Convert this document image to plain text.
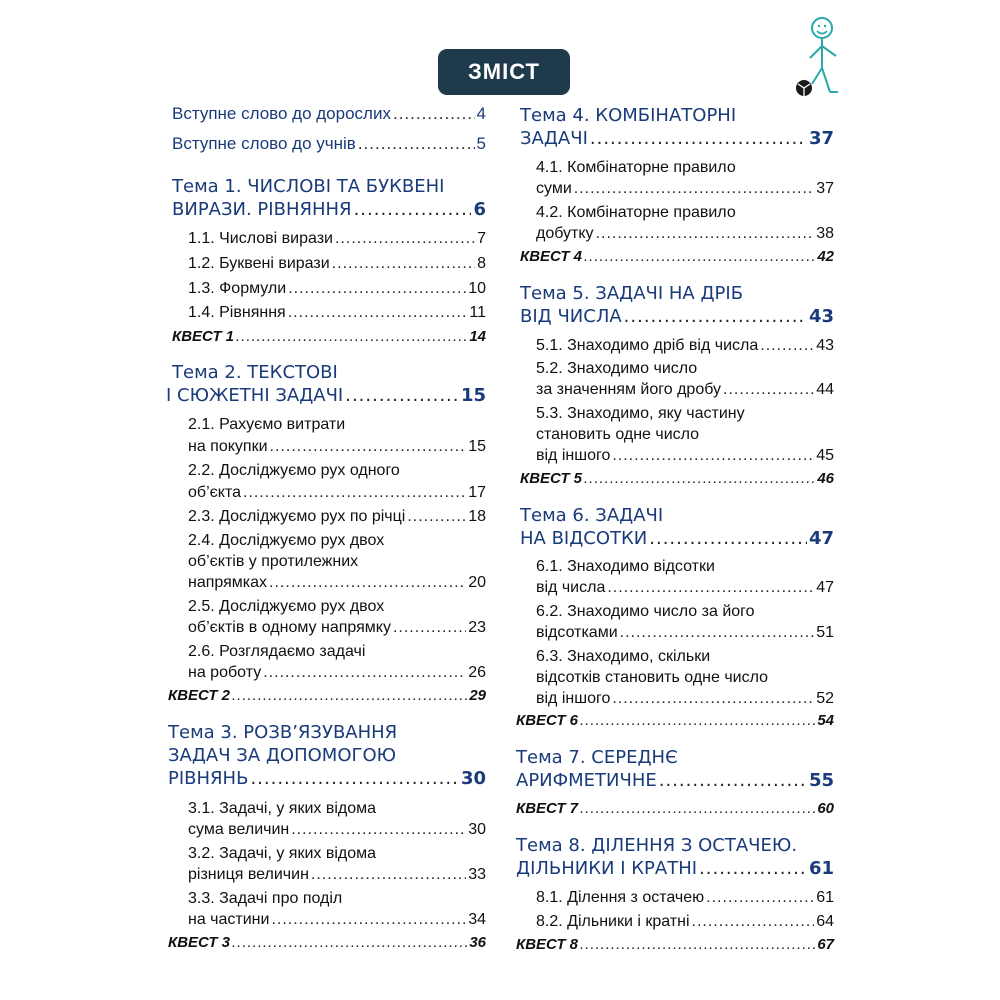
ЗМІСТ
Вступне слово до дорослих .....	4
Вступне слово до учнів .....	5
Тема 1. ЧИСЛОВІ ТА БУКВЕНІ
ВИРАЗИ. РІВНЯННЯ .....	6
1.1. Числові вирази .....	7
1.2. Буквені вирази .....	8
1.3. Формули .....	10
1.4. Рівняння .....	11
КВЕСТ 1 .....	14
Тема 2. ТЕКСТОВІ
І СЮЖЕТНІ ЗАДАЧІ .....	15
2.1. Рахуємо витрати
на покупки .....	15
2.2. Досліджуємо рух одного
об’єкта .....	17
2.3. Досліджуємо рух по річці .....	18
2.4. Досліджуємо рух двох
об’єктів у протилежних
напрямках .....	20
2.5. Досліджуємо рух двох
об’єктів в одному напрямку .....	23
2.6. Розглядаємо задачі
на роботу .....	26
КВЕСТ 2 .....	29
Тема 3. РОЗВ’ЯЗУВАННЯ
ЗАДАЧ ЗА ДОПОМОГОЮ
РІВНЯНЬ .....	30
3.1. Задачі, у яких відома
сума величин .....	30
3.2. Задачі, у яких відома
різниця величин .....	33
3.3. Задачі про поділ
на частини .....	34
КВЕСТ 3 .....	36
Тема 4. КОМБІНАТОРНІ
ЗАДАЧІ .....	37
4.1. Комбінаторне правило
суми .....	37
4.2. Комбінаторне правило
добутку .....	38
КВЕСТ 4 .....	42
Тема 5. ЗАДАЧІ НА ДРІБ
ВІД ЧИСЛА .....	43
5.1. Знаходимо дріб від числа .....	43
5.2. Знаходимо число
за значенням його дробу .....	44
5.3. Знаходимо, яку частину
становить одне число
від іншого .....	45
КВЕСТ 5 .....	46
Тема 6. ЗАДАЧІ
НА ВІДСОТКИ .....	47
6.1. Знаходимо відсотки
від числа .....	47
6.2. Знаходимо число за його
відсотками .....	51
6.3. Знаходимо, скільки
відсотків становить одне число
від іншого .....	52
КВЕСТ 6 .....	54
Тема 7. СЕРЕДНЄ
АРИФМЕТИЧНЕ .....	55
КВЕСТ 7 .....	60
Тема 8. ДІЛЕННЯ З ОСТАЧЕЮ.
ДІЛЬНИКИ І КРАТНІ .....	61
8.1. Ділення з остачею .....	61
8.2. Дільники і кратні .....	64
КВЕСТ 8 .....	67
